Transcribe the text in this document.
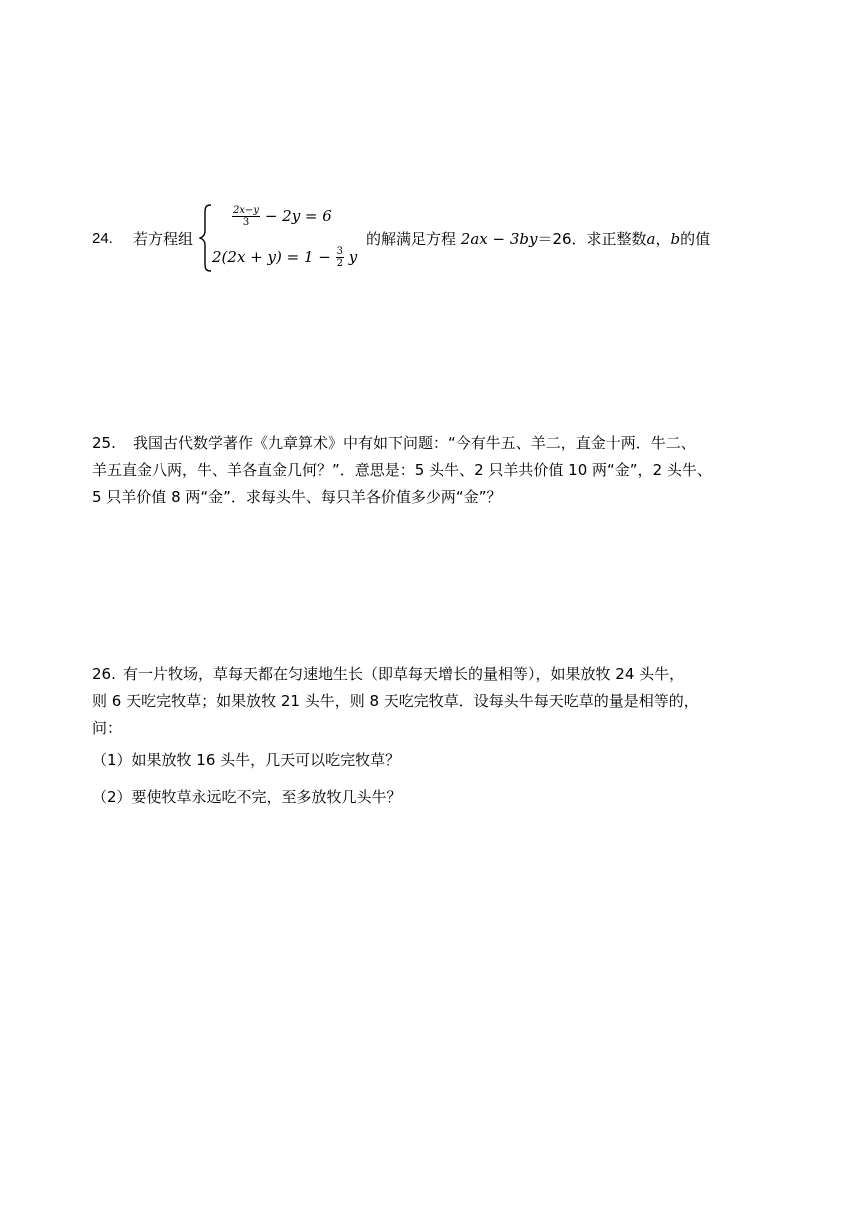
24. 若方程组
$\frac{2x-y}{3} - 2y = 6$
$2(2x + y) = 1 - \frac{3}{2}$ y
的解满足方程 2ax − 3by＝26．求正整数a，b的值
25. 我国古代数学著作《九章算术》中有如下问题：“今有牛五、羊二，直金十两．牛二、
羊五直金八两，牛、羊各直金几何？”．意思是：5 头牛、2 只羊共价值 10 两“金”，2 头牛、
5 只羊价值 8 两“金”．求每头牛、每只羊各价值多少两“金”？
26. 有一片牧场，草每天都在匀速地生长（即草每天增长的量相等），如果放牧 24 头牛，
则 6 天吃完牧草；如果放牧 21 头牛，则 8 天吃完牧草．设每头牛每天吃草的量是相等的，
问：
（1）如果放牧 16 头牛，几天可以吃完牧草？
（2）要使牧草永远吃不完，至多放牧几头牛？
